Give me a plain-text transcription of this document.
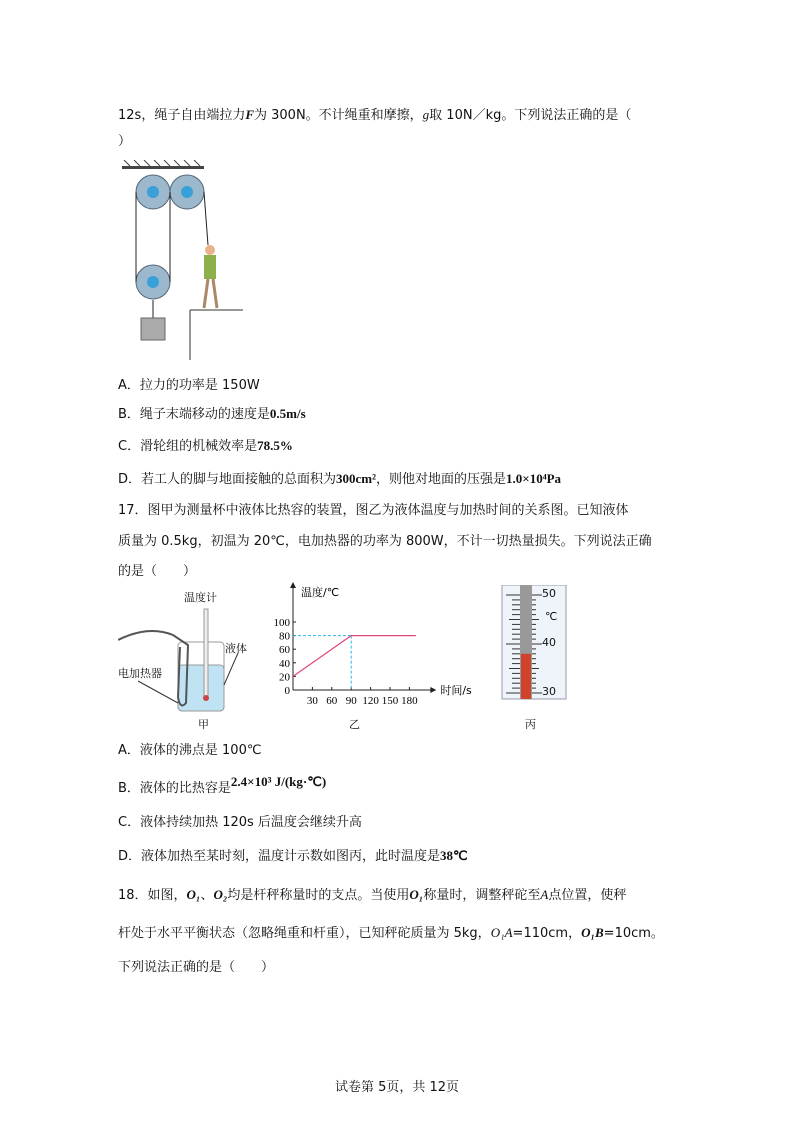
12s，绳子自由端拉力F为 300N。不计绳重和摩擦，g取 10N／kg。下列说法正确的是（
）
A．拉力的功率是 150W
B．绳子末端移动的速度是0.5m/s
C．滑轮组的机械效率是78.5%
D．若工人的脚与地面接触的总面积为300cm²，则他对地面的压强是1.0×10⁴Pa
17．图甲为测量杯中液体比热容的装置，图乙为液体温度与加热时间的关系图。已知液体
质量为 0.5kg，初温为 20℃，电加热器的功率为 800W，不计一切热量损失。下列说法正确
的是（　　）
温度计
液体
电加热器
甲
温度/℃
时间/s
30 60 90 120 150 180
0
20
40
60
80
100
乙
50
40
30
℃
丙
A．液体的沸点是 100℃
B．液体的比热容是2.4×10³ J/(kg·℃)
C．液体持续加热 120s 后温度会继续升高
D．液体加热至某时刻，温度计示数如图丙，此时温度是38℃
18．如图，O₁、O₂均是杆秤称量时的支点。当使用O₁称量时，调整秤砣至A点位置，使秤
杆处于水平平衡状态（忽略绳重和杆重），已知秤砣质量为 5kg，O₁A=110cm，O₁B=10cm。
下列说法正确的是（　　）
试卷第 5页，共 12页
